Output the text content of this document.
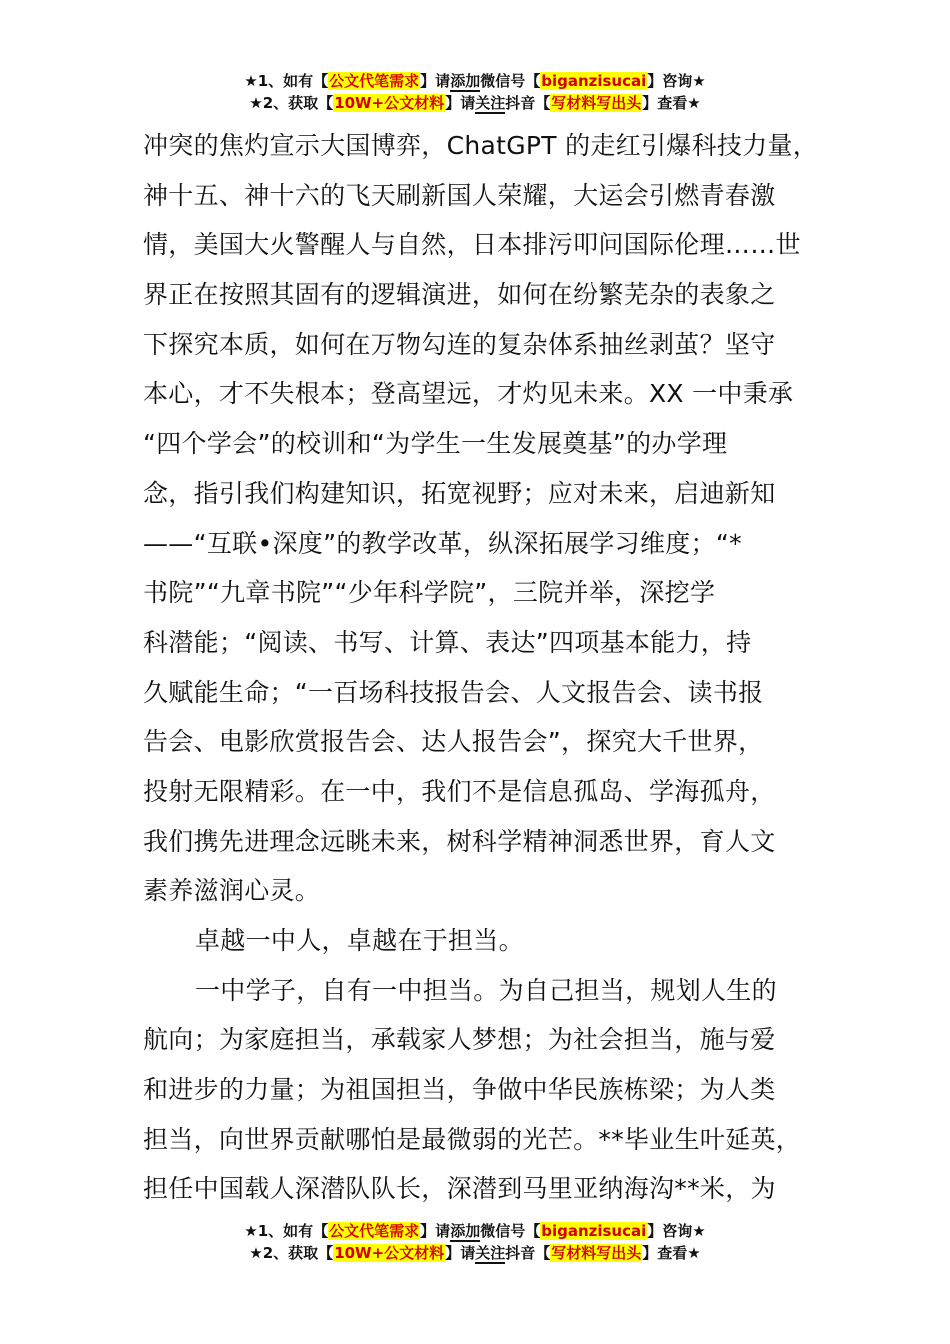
★1、如有【公文代笔需求】请添加微信号【biganzisucai】咨询★
★2、获取【10W+公文材料】请关注抖音【写材料写出头】查看★
冲突的焦灼宣示大国博弈，ChatGPT 的走红引爆科技力量，
神十五、神十六的飞天刷新国人荣耀，大运会引燃青春激
情，美国大火警醒人与自然，日本排污叩问国际伦理……世
界正在按照其固有的逻辑演进，如何在纷繁芜杂的表象之
下探究本质，如何在万物勾连的复杂体系抽丝剥茧？坚守
本心，才不失根本；登高望远，才灼见未来。XX 一中秉承
“四个学会”的校训和“为学生一生发展奠基”的办学理
念，指引我们构建知识，拓宽视野；应对未来，启迪新知
——“互联•深度”的教学改革，纵深拓展学习维度；“*
书院”“九章书院”“少年科学院”，三院并举，深挖学
科潜能；“阅读、书写、计算、表达”四项基本能力，持
久赋能生命；“一百场科技报告会、人文报告会、读书报
告会、电影欣赏报告会、达人报告会”，探究大千世界，
投射无限精彩。在一中，我们不是信息孤岛、学海孤舟，
我们携先进理念远眺未来，树科学精神洞悉世界，育人文
素养滋润心灵。
卓越一中人，卓越在于担当。
一中学子，自有一中担当。为自己担当，规划人生的
航向；为家庭担当，承载家人梦想；为社会担当，施与爱
和进步的力量；为祖国担当，争做中华民族栋梁；为人类
担当，向世界贡献哪怕是最微弱的光芒。**毕业生叶延英，
担任中国载人深潜队队长，深潜到马里亚纳海沟**米，为
★1、如有【公文代笔需求】请添加微信号【biganzisucai】咨询★
★2、获取【10W+公文材料】请关注抖音【写材料写出头】查看★
